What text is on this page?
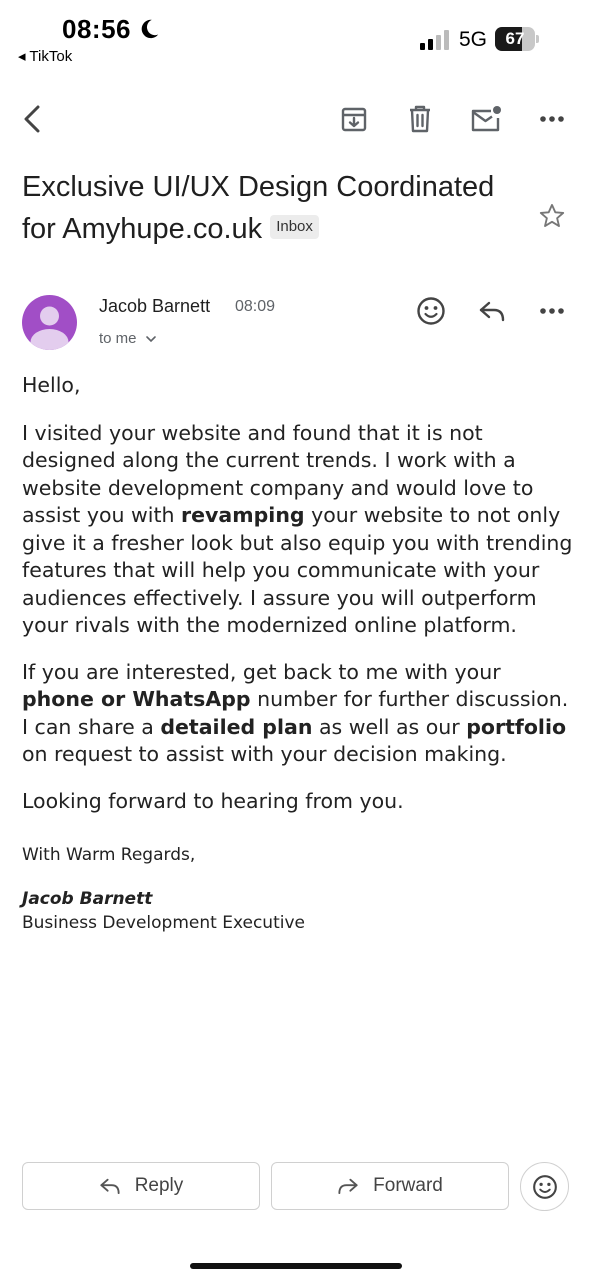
08:56
◂ TikTok
5G	67
Exclusive UI/UX Design Coordinated for Amyhupe.co.uk Inbox
Jacob Barnett 08:09
to me

Hello,

I visited your website and found that it is not designed along the current trends. I work with a website development company and would love to assist you with revamping your website to not only give it a fresher look but also equip you with trending features that will help you communicate with your audiences effectively. I assure you will outperform your rivals with the modernized online platform.

If you are interested, get back to me with your phone or WhatsApp number for further discussion. I can share a detailed plan as well as our portfolio on request to assist with your decision making.

Looking forward to hearing from you.

With Warm Regards,

Jacob Barnett
Business Development Executive
Reply	Forward
